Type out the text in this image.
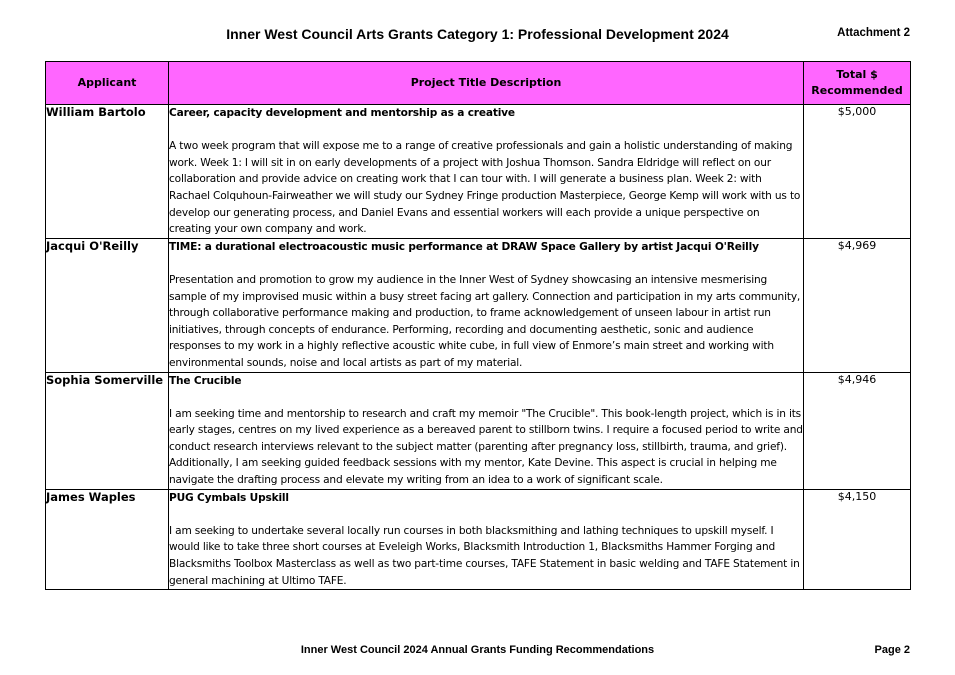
Inner West Council Arts Grants Category 1: Professional Development 2024	Attachment 2
Applicant	Project Title Description	Total $
Recommended

William Bartolo	Career, capacity development and mentorship as a creative
A two week program that will expose me to a range of creative professionals and gain a holistic understanding of making work. Week 1: I will sit in on early developments of a project with Joshua Thomson. Sandra Eldridge will reflect on our collaboration and provide advice on creating work that I can tour with. I will generate a business plan. Week 2: with Rachael Colquhoun-Fairweather we will study our Sydney Fringe production Masterpiece, George Kemp will work with us to develop our generating process, and Daniel Evans and essential workers will each provide a unique perspective on creating your own company and work.	$5,000
Jacqui O'Reilly	TIME: a durational electroacoustic music performance at DRAW Space Gallery by artist Jacqui O'Reilly
Presentation and promotion to grow my audience in the Inner West of Sydney showcasing an intensive mesmerising sample of my improvised music within a busy street facing art gallery. Connection and participation in my arts community, through collaborative performance making and production, to frame acknowledgement of unseen labour in artist run initiatives, through concepts of endurance. Performing, recording and documenting aesthetic, sonic and audience responses to my work in a highly reflective acoustic white cube, in full view of Enmore’s main street and working with environmental sounds, noise and local artists as part of my material.	$4,969
Sophia Somerville	The Crucible
I am seeking time and mentorship to research and craft my memoir "The Crucible". This book-length project, which is in its early stages, centres on my lived experience as a bereaved parent to stillborn twins. I require a focused period to write and conduct research interviews relevant to the subject matter (parenting after pregnancy loss, stillbirth, trauma, and grief). Additionally, I am seeking guided feedback sessions with my mentor, Kate Devine. This aspect is crucial in helping me navigate the drafting process and elevate my writing from an idea to a work of significant scale.	$4,946
James Waples	PUG Cymbals Upskill
I am seeking to undertake several locally run courses in both blacksmithing and lathing techniques to upskill myself. I would like to take three short courses at Eveleigh Works, Blacksmith Introduction 1, Blacksmiths Hammer Forging and Blacksmiths Toolbox Masterclass as well as two part-time courses, TAFE Statement in basic welding and TAFE Statement in general machining at Ultimo TAFE.	$4,150
Inner West Council 2024 Annual Grants Funding Recommendations	Page 2
